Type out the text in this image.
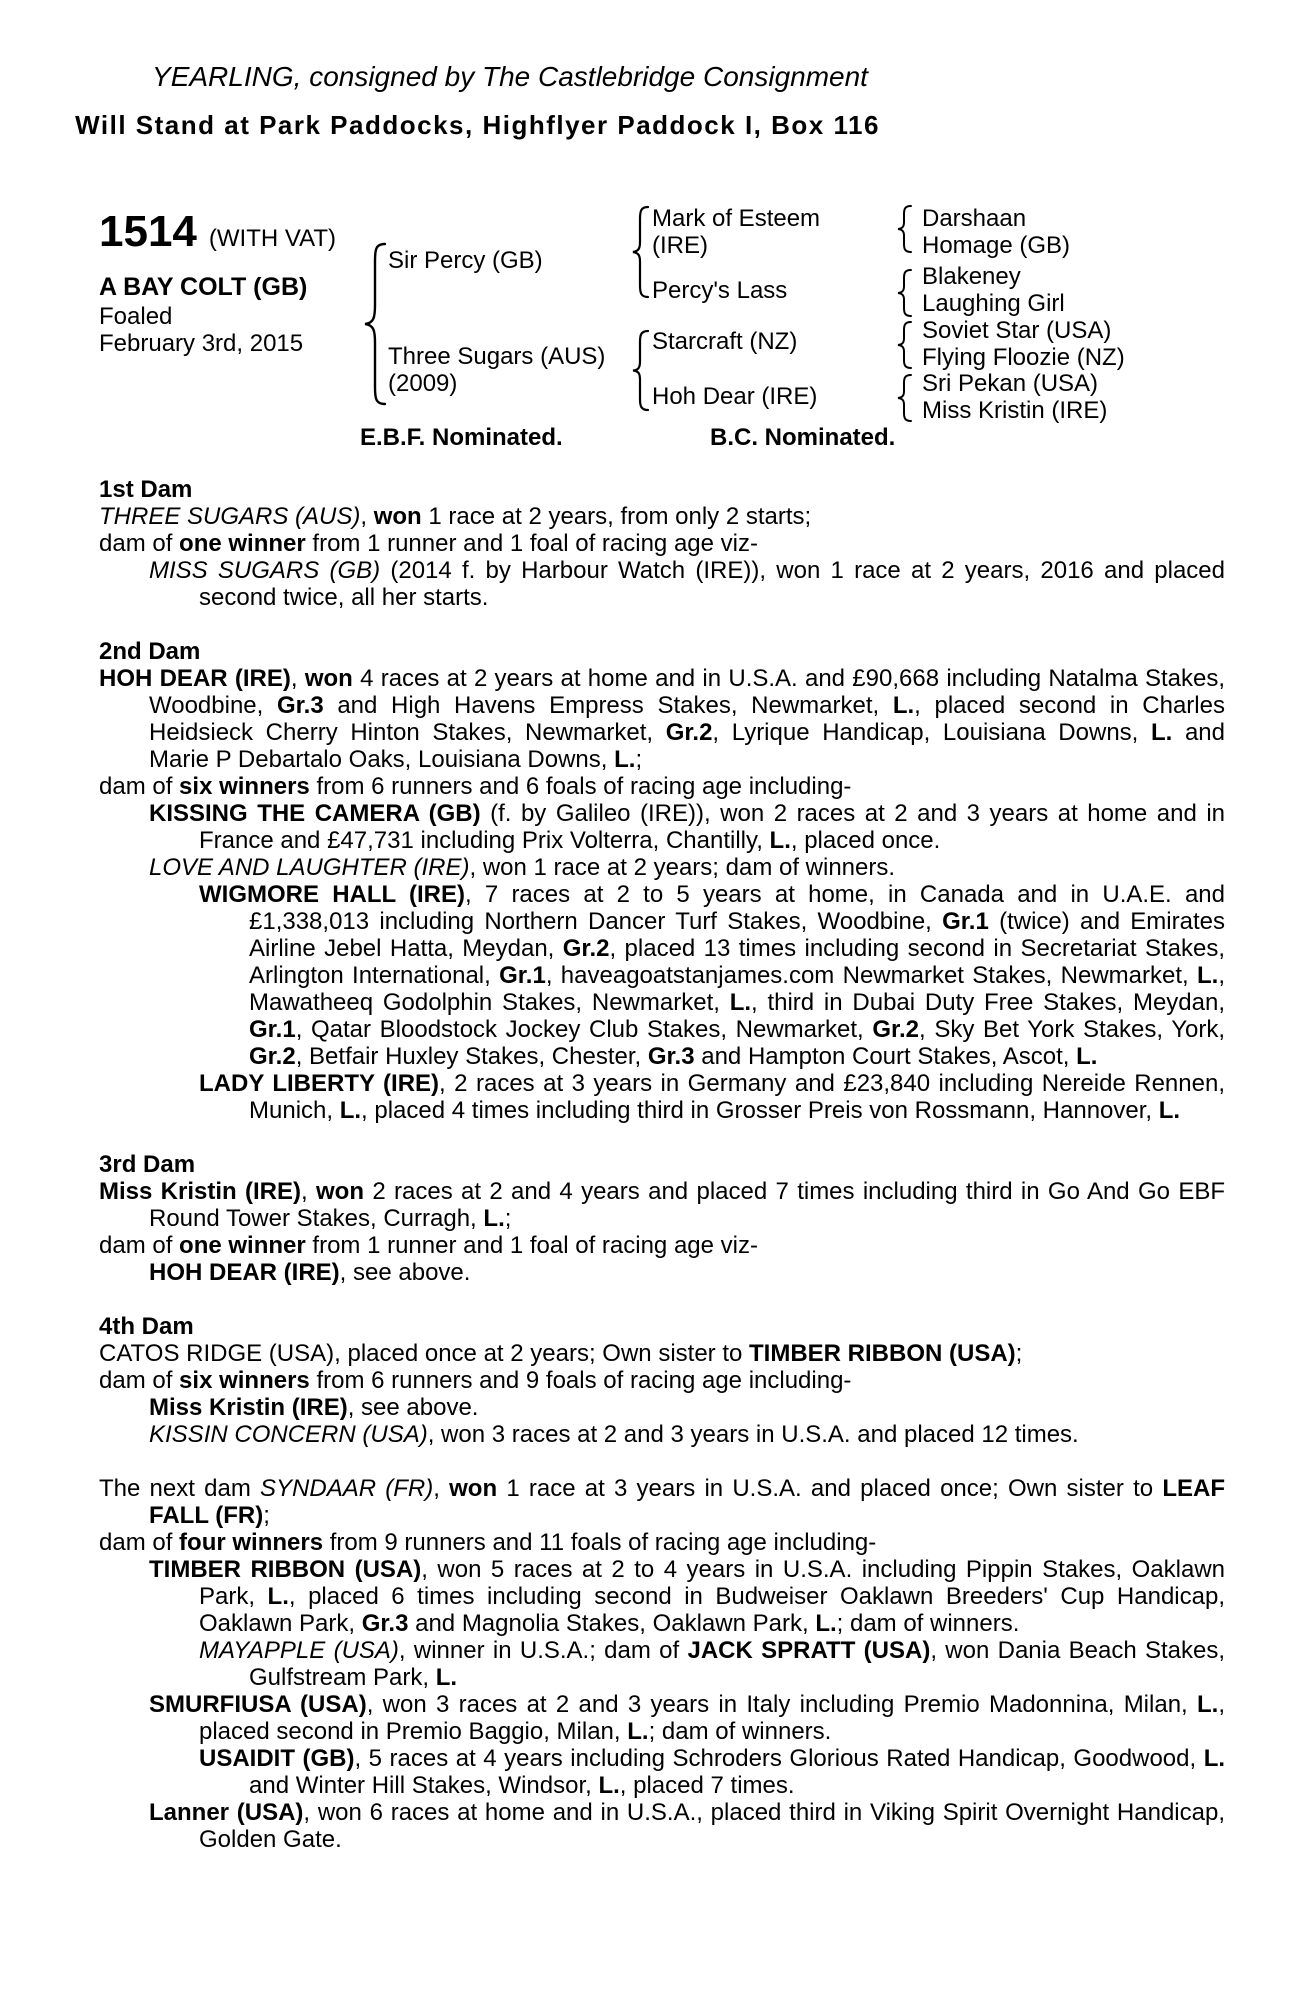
YEARLING, consigned by The Castlebridge Consignment
Will Stand at Park Paddocks, Highflyer Paddock I, Box 116
1514 (WITH VAT)
A BAY COLT (GB)
Foaled
February 3rd, 2015
Sir Percy (GB)
Three Sugars (AUS)
(2009)
Mark of Esteem
(IRE)
Percy's Lass
Starcraft (NZ)
Hoh Dear (IRE)
Darshaan
Homage (GB)
Blakeney
Laughing Girl
Soviet Star (USA)
Flying Floozie (NZ)
Sri Pekan (USA)
Miss Kristin (IRE)
E.B.F. Nominated.	B.C. Nominated.
1st Dam
THREE SUGARS (AUS), won 1 race at 2 years, from only 2 starts;
dam of one winner from 1 runner and 1 foal of racing age viz-
MISS SUGARS (GB) (2014 f. by Harbour Watch (IRE)), won 1 race at 2 years, 2016 and placed second twice, all her starts.
2nd Dam
HOH DEAR (IRE), won 4 races at 2 years at home and in U.S.A. and £90,668 including Natalma Stakes, Woodbine, Gr.3 and High Havens Empress Stakes, Newmarket, L., placed second in Charles Heidsieck Cherry Hinton Stakes, Newmarket, Gr.2, Lyrique Handicap, Louisiana Downs, L. and Marie P Debartalo Oaks, Louisiana Downs, L.;
dam of six winners from 6 runners and 6 foals of racing age including-
KISSING THE CAMERA (GB) (f. by Galileo (IRE)), won 2 races at 2 and 3 years at home and in France and £47,731 including Prix Volterra, Chantilly, L., placed once.
LOVE AND LAUGHTER (IRE), won 1 race at 2 years; dam of winners.
WIGMORE HALL (IRE), 7 races at 2 to 5 years at home, in Canada and in U.A.E. and £1,338,013 including Northern Dancer Turf Stakes, Woodbine, Gr.1 (twice) and Emirates Airline Jebel Hatta, Meydan, Gr.2, placed 13 times including second in Secretariat Stakes, Arlington International, Gr.1, haveagoatstanjames.com Newmarket Stakes, Newmarket, L., Mawatheeq Godolphin Stakes, Newmarket, L., third in Dubai Duty Free Stakes, Meydan, Gr.1, Qatar Bloodstock Jockey Club Stakes, Newmarket, Gr.2, Sky Bet York Stakes, York, Gr.2, Betfair Huxley Stakes, Chester, Gr.3 and Hampton Court Stakes, Ascot, L.
LADY LIBERTY (IRE), 2 races at 3 years in Germany and £23,840 including Nereide Rennen, Munich, L., placed 4 times including third in Grosser Preis von Rossmann, Hannover, L.
3rd Dam
Miss Kristin (IRE), won 2 races at 2 and 4 years and placed 7 times including third in Go And Go EBF Round Tower Stakes, Curragh, L.;
dam of one winner from 1 runner and 1 foal of racing age viz-
HOH DEAR (IRE), see above.
4th Dam
CATOS RIDGE (USA), placed once at 2 years; Own sister to TIMBER RIBBON (USA);
dam of six winners from 6 runners and 9 foals of racing age including-
Miss Kristin (IRE), see above.
KISSIN CONCERN (USA), won 3 races at 2 and 3 years in U.S.A. and placed 12 times.
The next dam SYNDAAR (FR), won 1 race at 3 years in U.S.A. and placed once; Own sister to LEAF FALL (FR);
dam of four winners from 9 runners and 11 foals of racing age including-
TIMBER RIBBON (USA), won 5 races at 2 to 4 years in U.S.A. including Pippin Stakes, Oaklawn Park, L., placed 6 times including second in Budweiser Oaklawn Breeders' Cup Handicap, Oaklawn Park, Gr.3 and Magnolia Stakes, Oaklawn Park, L.; dam of winners.
MAYAPPLE (USA), winner in U.S.A.; dam of JACK SPRATT (USA), won Dania Beach Stakes, Gulfstream Park, L.
SMURFIUSA (USA), won 3 races at 2 and 3 years in Italy including Premio Madonnina, Milan, L., placed second in Premio Baggio, Milan, L.; dam of winners.
USAIDIT (GB), 5 races at 4 years including Schroders Glorious Rated Handicap, Goodwood, L. and Winter Hill Stakes, Windsor, L., placed 7 times.
Lanner (USA), won 6 races at home and in U.S.A., placed third in Viking Spirit Overnight Handicap, Golden Gate.
